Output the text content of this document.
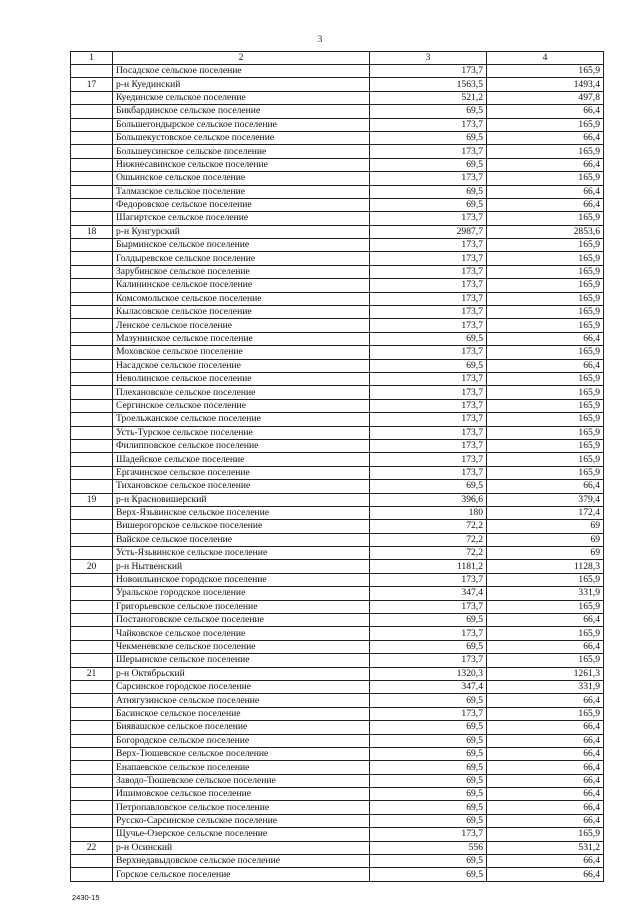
3
1	2	3	4
	Посадское сельское поселение	173,7	165,9
17	р-н Куединский	1563,5	1493,4
	Куединское сельское поселение	521,2	497,8
	Бикбардинское сельское поселение	69,5	66,4
	Большегондырское сельское поселение	173,7	165,9
	Большекустовское сельское поселение	69,5	66,4
	Большеусинское сельское поселение	173,7	165,9
	Нижнесавинское сельское поселение	69,5	66,4
	Ошьинское сельское поселение	173,7	165,9
	Талмазское сельское поселение	69,5	66,4
	Федоровское сельское поселение	69,5	66,4
	Шагиртское сельское поселение	173,7	165,9
18	р-н Кунгурский	2987,7	2853,6
	Бырминское сельское поселение	173,7	165,9
	Голдыревское сельское поселение	173,7	165,9
	Зарубинское сельское поселение	173,7	165,9
	Калининское сельское поселение	173,7	165,9
	Комсомольское сельское поселение	173,7	165,9
	Кыласовское сельское поселение	173,7	165,9
	Ленское сельское поселение	173,7	165,9
	Мазунинское сельское поселение	69,5	66,4
	Моховское сельское поселение	173,7	165,9
	Насадское сельское поселение	69,5	66,4
	Неволинское сельское поселение	173,7	165,9
	Плехановское сельское поселение	173,7	165,9
	Сергинское сельское поселение	173,7	165,9
	Троельжанское сельское поселение	173,7	165,9
	Усть-Турское сельское поселение	173,7	165,9
	Филипповское сельское поселение	173,7	165,9
	Шадейское сельское поселение	173,7	165,9
	Ергачинское сельское поселение	173,7	165,9
	Тихановское сельское поселение	69,5	66,4
19	р-н Красновишерский	396,6	379,4
	Верх-Язьвинское сельское поселение	180	172,4
	Вишерогорское сельское поселение	72,2	69
	Вайское сельское поселение	72,2	69
	Усть-Язьвинское сельское поселение	72,2	69
20	р-н Нытвенский	1181,2	1128,3
	Новоильинское городское поселение	173,7	165,9
	Уральское городское поселение	347,4	331,9
	Григорьевское сельское поселение	173,7	165,9
	Постаноговское сельское поселение	69,5	66,4
	Чайковское сельское поселение	173,7	165,9
	Чекменевское сельское поселение	69,5	66,4
	Шерьинское сельское поселение	173,7	165,9
21	р-н Октябрьский	1320,3	1261,3
	Сарсинское городское поселение	347,4	331,9
	Атнягузинское сельское поселение	69,5	66,4
	Басинское сельское поселение	173,7	165,9
	Биявашское сельское поселение	69,5	66,4
	Богородское сельское поселение	69,5	66,4
	Верх-Тюшевское сельское поселение	69,5	66,4
	Енапаевское сельское поселение	69,5	66,4
	Заводо-Тюшевское сельское поселение	69,5	66,4
	Ишимовское сельское поселение	69,5	66,4
	Петропавловское сельское поселение	69,5	66,4
	Русско-Сарсинское сельское поселение	69,5	66,4
	Щучье-Озерское сельское поселение	173,7	165,9
22	р-н Осинский	556	531,2
	Верхнедавыдовское сельское поселение	69,5	66,4
	Горское сельское поселение	69,5	66,4
2430-15
